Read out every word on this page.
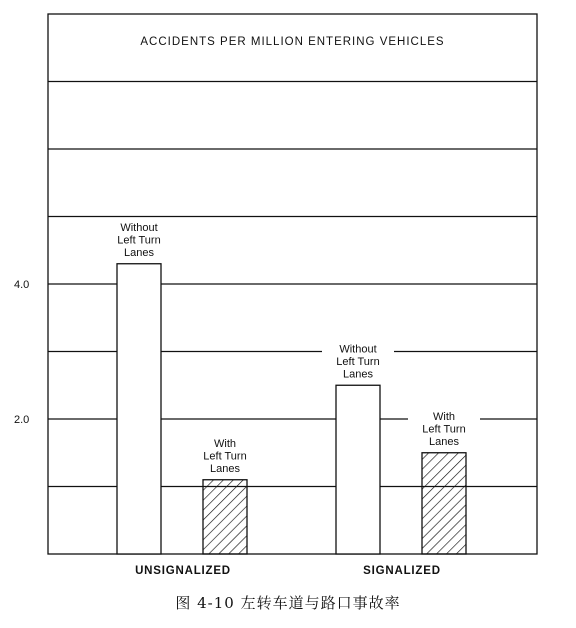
2.0
4.0
ACCIDENTS PER MILLION ENTERING VEHICLES
Without
Left Turn
Lanes
Without
Left Turn
Lanes
With
Left Turn
Lanes
With
Left Turn
Lanes
UNSIGNALIZED	SIGNALIZED
图 4-10 左转车道与路口事故率
